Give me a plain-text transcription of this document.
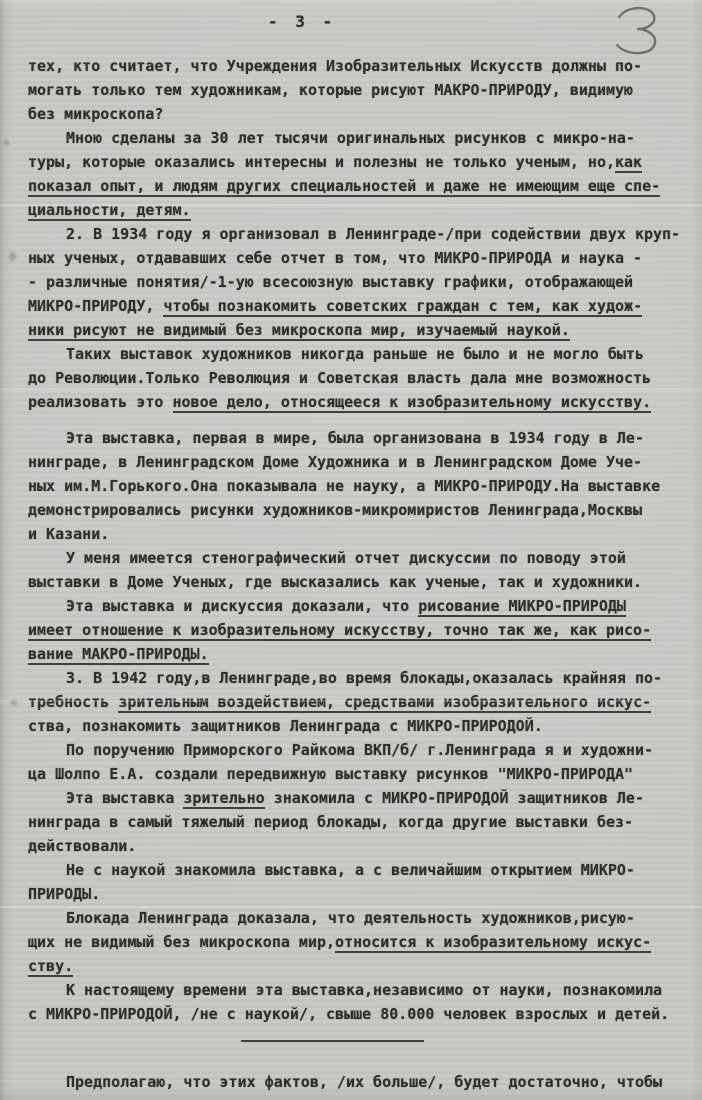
- 3 -
тех, кто считает, что Учреждения Изобразительных Искусств должны по-
могать только тем художникам, которые рисуют МАКРО-ПРИРОДУ, видимую
без микроскопа?
Мною сделаны за 30 лет тысячи оригинальных рисунков с микро-на-
туры, которые оказались интересны и полезны не только ученым, но,как
показал опыт, и людям других специальностей и даже не имеющим еще спе-
циальности, детям.
2. В 1934 году я организовал в Ленинграде-/при содействии двух круп-
ных ученых, отдававших себе отчет в том, что МИКРО-ПРИРОДА и наука -
- различные понятия/-1-ую всесоюзную выставку графики, отображающей
МИКРО-ПРИРОДУ, чтобы познакомить советских граждан с тем, как худож-
ники рисуют не видимый без микроскопа мир, изучаемый наукой.
Таких выставок художников никогда раньше не было и не могло быть
до Революции.Только Революция и Советская власть дала мне возможность
реализовать это новое дело, относящееся к изобразительному искусству.
Эта выставка, первая в мире, была организована в 1934 году в Ле-
нинграде, в Ленинградском Доме Художника и в Ленинградском Доме Уче-
ных им.М.Горького.Она показывала не науку, а МИКРО-ПРИРОДУ.На выставке
демонстрировались рисунки художников-микромиристов Ленинграда,Москвы
и Казани.
У меня имеется стенографический отчет дискуссии по поводу этой
выставки в Доме Ученых, где высказались как ученые, так и художники.
Эта выставка и дискуссия доказали, что рисование МИКРО-ПРИРОДЫ
имеет отношение к изобразительному искусству, точно так же, как рисо-
вание МАКРО-ПРИРОДЫ.
3. В 1942 году,в Ленинграде,во время блокады,оказалась крайняя по-
требность зрительным воздействием, средствами изобразительного искус-
ства, познакомить защитников Ленинграда с МИКРО-ПРИРОДОЙ.
По поручению Приморского Райкома ВКП/б/ г.Ленинграда я и художни-
ца Шолпо Е.А. создали передвижную выставку рисунков "МИКРО-ПРИРОДА"
Эта выставка зрительно знакомила с МИКРО-ПРИРОДОЙ защитников Ле-
нинграда в самый тяжелый период блокады, когда другие выставки без-
действовали.
Не с наукой знакомила выставка, а с величайшим открытием МИКРО-
ПРИРОДЫ.
Блокада Ленинграда доказала, что деятельность художников,рисую-
щих не видимый без микроскопа мир,относится к изобразительному искус-
ству.
К настоящему времени эта выставка,независимо от науки, познакомила
с МИКРО-ПРИРОДОЙ, /не с наукой/, свыше 80.000 человек взрослых и детей.
Предполагаю, что этих фактов, /их больше/, будет достаточно, чтобы
